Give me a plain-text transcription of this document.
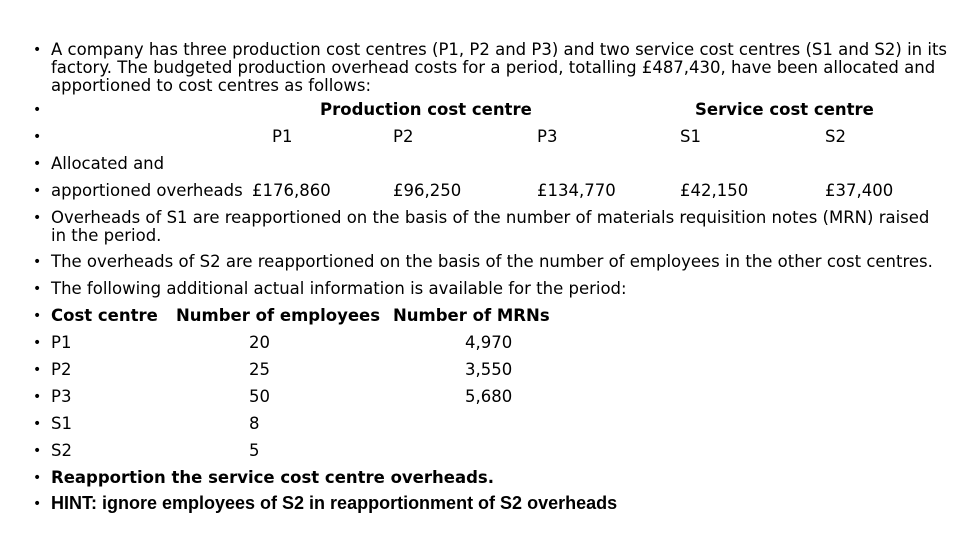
• A company has three production cost centres (P1, P2 and P3) and two service cost centres (S1 and S2) in its
factory. The budgeted production overhead costs for a period, totalling £487,430, have been allocated and
apportioned to cost centres as follows:
•	Production cost centre	Service cost centre
•	P1	P2	P3	S1	S2
• Allocated and
• apportioned overheads £176,860	£96,250	£134,770	£42,150	£37,400
• Overheads of S1 are reapportioned on the basis of the number of materials requisition notes (MRN) raised
in the period.
• The overheads of S2 are reapportioned on the basis of the number of employees in the other cost centres.
• The following additional actual information is available for the period:
• Cost centre Number of employees Number of MRNs
• P1	20	4,970
• P2	25	3,550
• P3	50	5,680
• S1	8
• S2	5
• Reapportion the service cost centre overheads.
• HINT: ignore employees of S2 in reapportionment of S2 overheads
